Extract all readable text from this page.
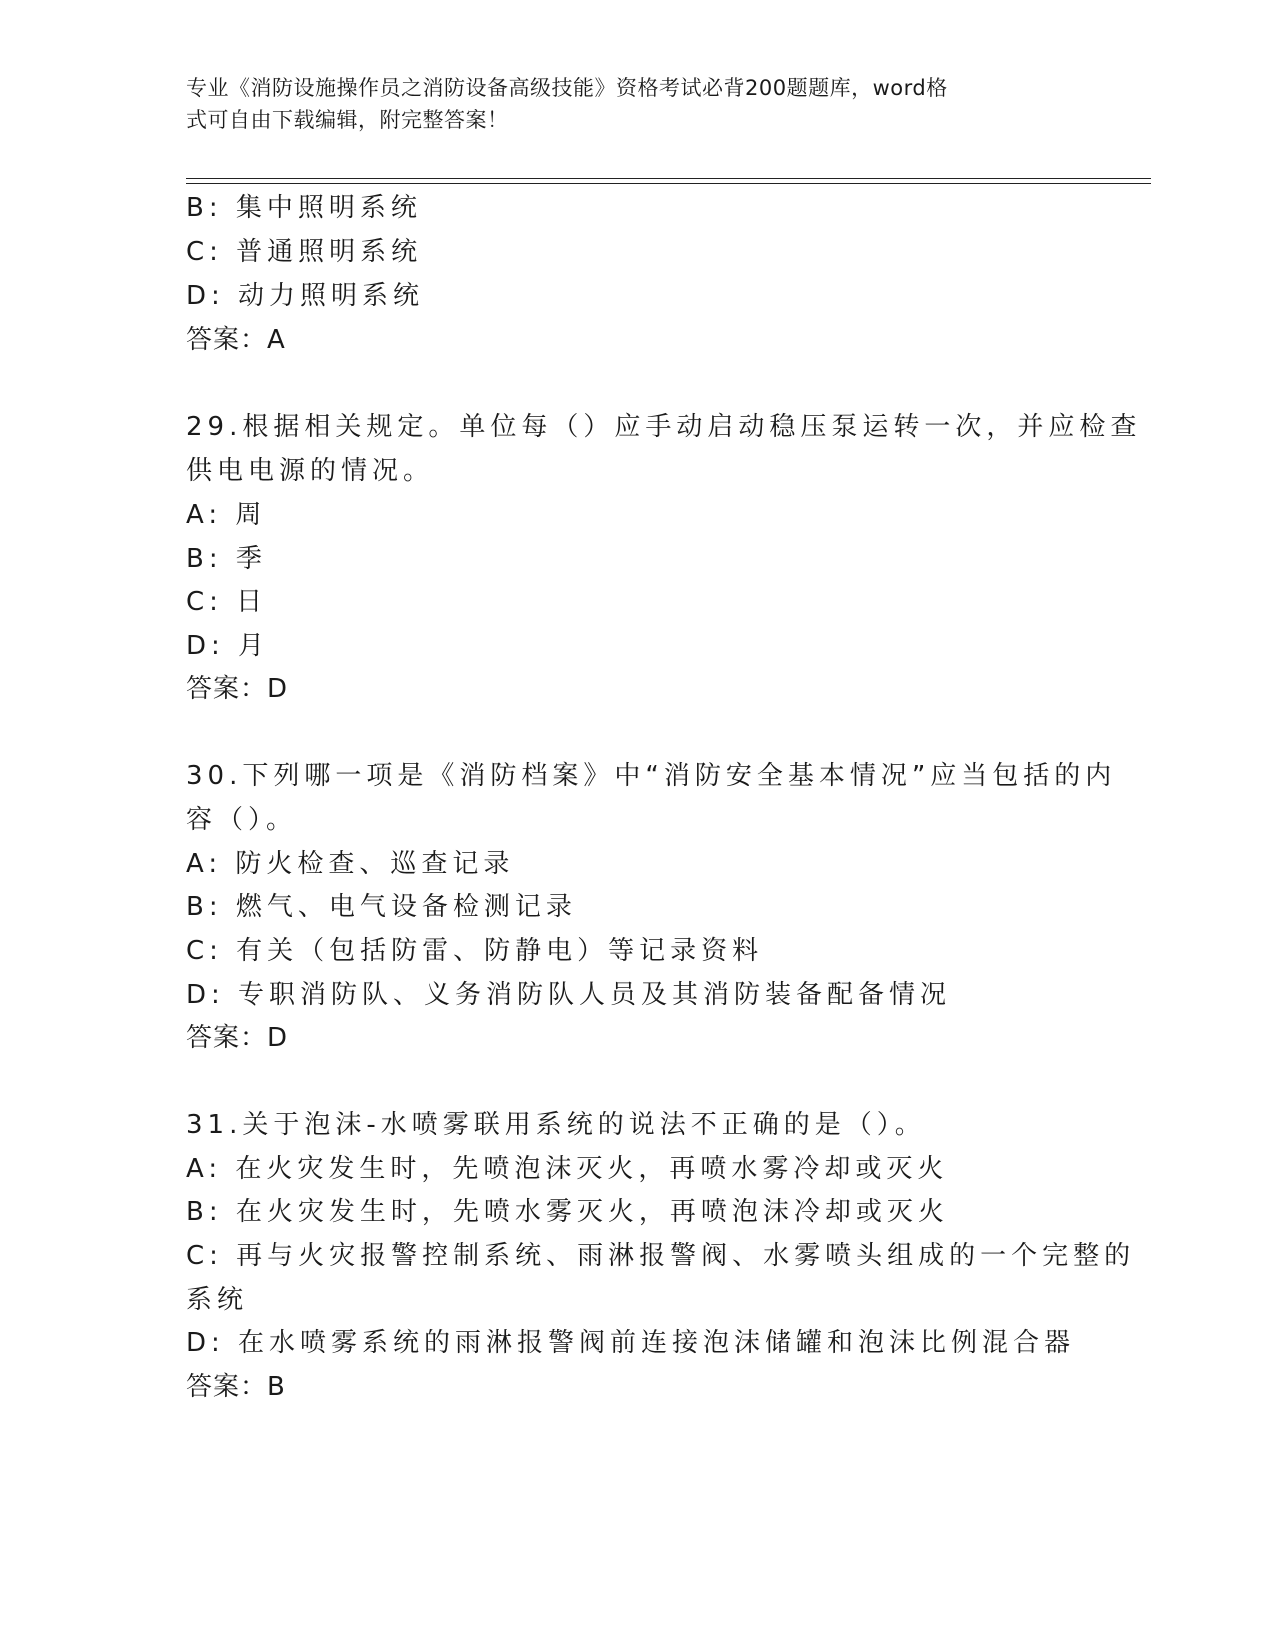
专业《消防设施操作员之消防设备高级技能》资格考试必背200题题库，word格
式可自由下载编辑，附完整答案！
B: 集中照明系统
C: 普通照明系统
D: 动力照明系统
答案：A
29.根据相关规定。单位每（）应手动启动稳压泵运转一次，并应检查
供电电源的情况。
A: 周
B: 季
C: 日
D: 月
答案：D
30.下列哪一项是《消防档案》中“消防安全基本情况”应当包括的内
容（）。
A: 防火检查、巡查记录
B: 燃气、电气设备检测记录
C: 有关（包括防雷、防静电）等记录资料
D: 专职消防队、义务消防队人员及其消防装备配备情况
答案：D
31.关于泡沫-水喷雾联用系统的说法不正确的是（）。
A: 在火灾发生时，先喷泡沫灭火，再喷水雾冷却或灭火
B: 在火灾发生时，先喷水雾灭火，再喷泡沫冷却或灭火
C: 再与火灾报警控制系统、雨淋报警阀、水雾喷头组成的一个完整的
系统
D: 在水喷雾系统的雨淋报警阀前连接泡沫储罐和泡沫比例混合器
答案：B
